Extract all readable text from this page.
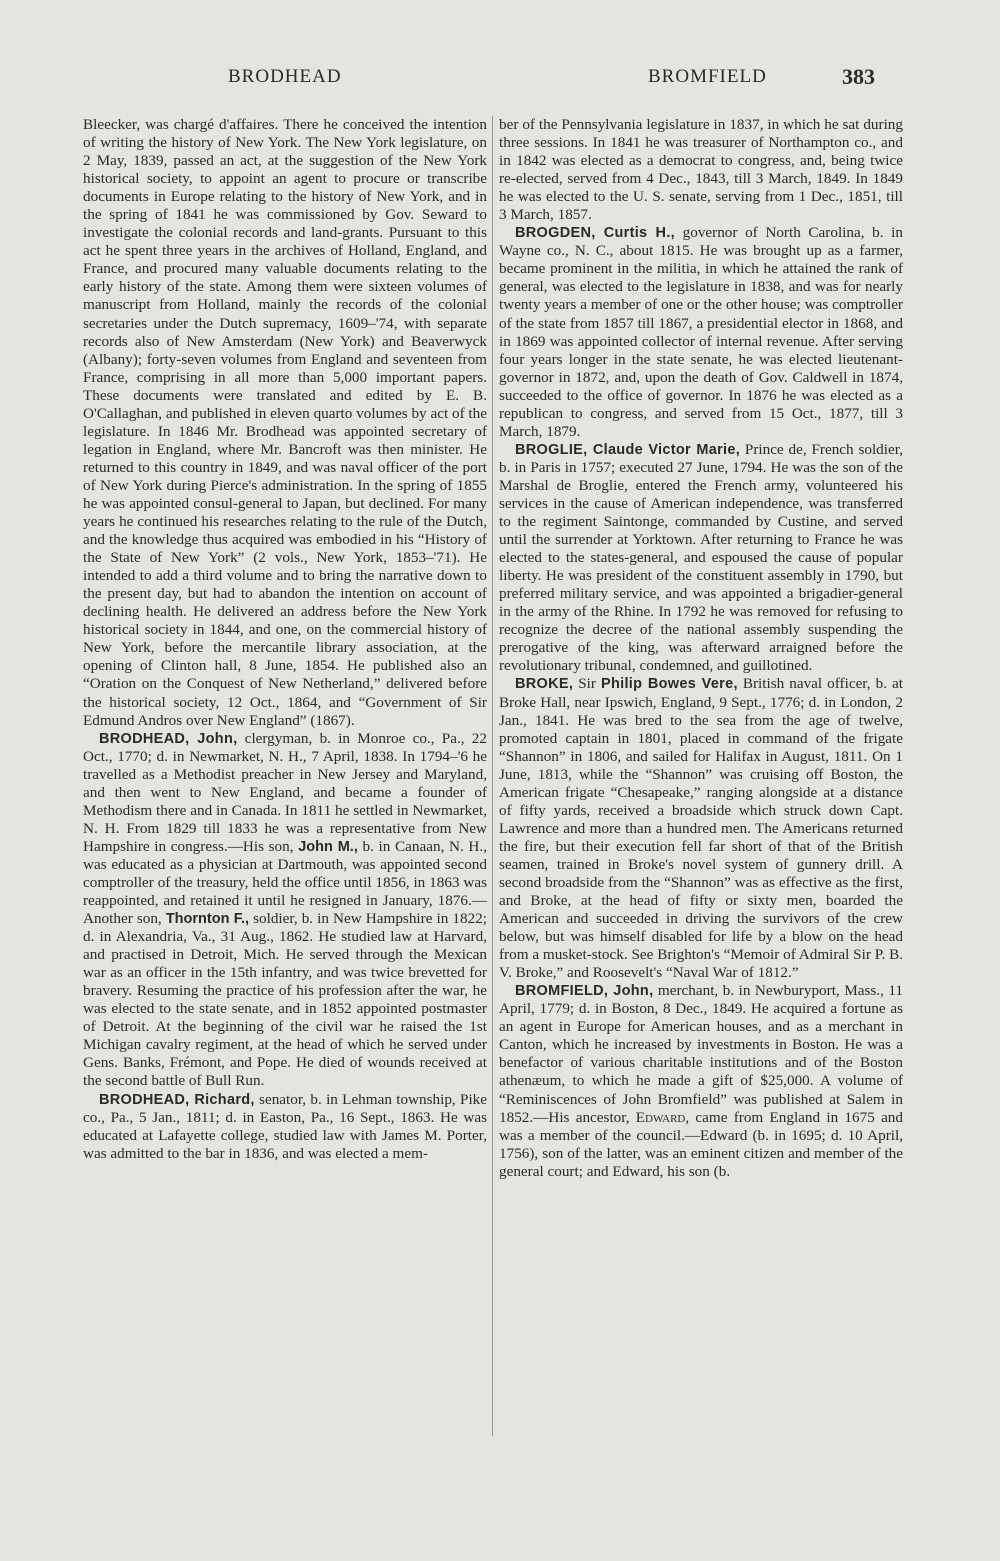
BRODHEAD	BROMFIELD	383

Bleecker, was chargé d'affaires. There he conceived the intention of writing the history of New York. The New York legislature, on 2 May, 1839, passed an act, at the suggestion of the New York historical society, to appoint an agent to procure or transcribe documents in Europe relating to the history of New York, and in the spring of 1841 he was commissioned by Gov. Seward to investigate the colonial records and land-grants. Pursuant to this act he spent three years in the archives of Holland, England, and France, and procured many valuable documents relating to the early history of the state. Among them were sixteen volumes of manuscript from Holland, mainly the records of the colonial secretaries under the Dutch supremacy, 1609–'74, with separate records also of New Amsterdam (New York) and Beaverwyck (Albany); forty-seven volumes from England and seventeen from France, comprising in all more than 5,000 important papers. These documents were translated and edited by E. B. O'Callaghan, and published in eleven quarto volumes by act of the legislature. In 1846 Mr. Brodhead was appointed secretary of legation in England, where Mr. Bancroft was then minister. He returned to this country in 1849, and was naval officer of the port of New York during Pierce's administration. In the spring of 1855 he was appointed consul-general to Japan, but declined. For many years he continued his researches relating to the rule of the Dutch, and the knowledge thus acquired was embodied in his “History of the State of New York” (2 vols., New York, 1853–'71). He intended to add a third volume and to bring the narrative down to the present day, but had to abandon the intention on account of declining health. He delivered an address before the New York historical society in 1844, and one, on the commercial history of New York, before the mercantile library association, at the opening of Clinton hall, 8 June, 1854. He published also an “Oration on the Conquest of New Netherland,” delivered before the historical society, 12 Oct., 1864, and “Government of Sir Edmund Andros over New England” (1867).

BRODHEAD, John, clergyman, b. in Monroe co., Pa., 22 Oct., 1770; d. in Newmarket, N. H., 7 April, 1838. In 1794–'6 he travelled as a Methodist preacher in New Jersey and Maryland, and then went to New England, and became a founder of Methodism there and in Canada. In 1811 he settled in Newmarket, N. H. From 1829 till 1833 he was a representative from New Hampshire in congress.—His son, John M., b. in Canaan, N. H., was educated as a physician at Dartmouth, was appointed second comptroller of the treasury, held the office until 1856, in 1863 was reappointed, and retained it until he resigned in January, 1876.—Another son, Thornton F., soldier, b. in New Hampshire in 1822; d. in Alexandria, Va., 31 Aug., 1862. He studied law at Harvard, and practised in Detroit, Mich. He served through the Mexican war as an officer in the 15th infantry, and was twice brevetted for bravery. Resuming the practice of his profession after the war, he was elected to the state senate, and in 1852 appointed postmaster of Detroit. At the beginning of the civil war he raised the 1st Michigan cavalry regiment, at the head of which he served under Gens. Banks, Frémont, and Pope. He died of wounds received at the second battle of Bull Run.

BRODHEAD, Richard, senator, b. in Lehman township, Pike co., Pa., 5 Jan., 1811; d. in Easton, Pa., 16 Sept., 1863. He was educated at Lafayette college, studied law with James M. Porter, was admitted to the bar in 1836, and was elected a mem-

ber of the Pennsylvania legislature in 1837, in which he sat during three sessions. In 1841 he was treasurer of Northampton co., and in 1842 was elected as a democrat to congress, and, being twice re-elected, served from 4 Dec., 1843, till 3 March, 1849. In 1849 he was elected to the U. S. senate, serving from 1 Dec., 1851, till 3 March, 1857.

BROGDEN, Curtis H., governor of North Carolina, b. in Wayne co., N. C., about 1815. He was brought up as a farmer, became prominent in the militia, in which he attained the rank of general, was elected to the legislature in 1838, and was for nearly twenty years a member of one or the other house; was comptroller of the state from 1857 till 1867, a presidential elector in 1868, and in 1869 was appointed collector of internal revenue. After serving four years longer in the state senate, he was elected lieutenant-governor in 1872, and, upon the death of Gov. Caldwell in 1874, succeeded to the office of governor. In 1876 he was elected as a republican to congress, and served from 15 Oct., 1877, till 3 March, 1879.

BROGLIE, Claude Victor Marie, Prince de, French soldier, b. in Paris in 1757; executed 27 June, 1794. He was the son of the Marshal de Broglie, entered the French army, volunteered his services in the cause of American independence, was transferred to the regiment Saintonge, commanded by Custine, and served until the surrender at Yorktown. After returning to France he was elected to the states-general, and espoused the cause of popular liberty. He was president of the constituent assembly in 1790, but preferred military service, and was appointed a brigadier-general in the army of the Rhine. In 1792 he was removed for refusing to recognize the decree of the national assembly suspending the prerogative of the king, was afterward arraigned before the revolutionary tribunal, condemned, and guillotined.

BROKE, Sir Philip Bowes Vere, British naval officer, b. at Broke Hall, near Ipswich, England, 9 Sept., 1776; d. in London, 2 Jan., 1841. He was bred to the sea from the age of twelve, promoted captain in 1801, placed in command of the frigate “Shannon” in 1806, and sailed for Halifax in August, 1811. On 1 June, 1813, while the “Shannon” was cruising off Boston, the American frigate “Chesapeake,” ranging alongside at a distance of fifty yards, received a broadside which struck down Capt. Lawrence and more than a hundred men. The Americans returned the fire, but their execution fell far short of that of the British seamen, trained in Broke's novel system of gunnery drill. A second broadside from the “Shannon” was as effective as the first, and Broke, at the head of fifty or sixty men, boarded the American and succeeded in driving the survivors of the crew below, but was himself disabled for life by a blow on the head from a musket-stock. See Brighton's “Memoir of Admiral Sir P. B. V. Broke,” and Roosevelt's “Naval War of 1812.”

BROMFIELD, John, merchant, b. in Newburyport, Mass., 11 April, 1779; d. in Boston, 8 Dec., 1849. He acquired a fortune as an agent in Europe for American houses, and as a merchant in Canton, which he increased by investments in Boston. He was a benefactor of various charitable institutions and of the Boston athenæum, to which he made a gift of $25,000. A volume of “Reminiscences of John Bromfield” was published at Salem in 1852.—His ancestor, Edward, came from England in 1675 and was a member of the council.—Edward (b. in 1695; d. 10 April, 1756), son of the latter, was an eminent citizen and member of the general court; and Edward, his son (b.
